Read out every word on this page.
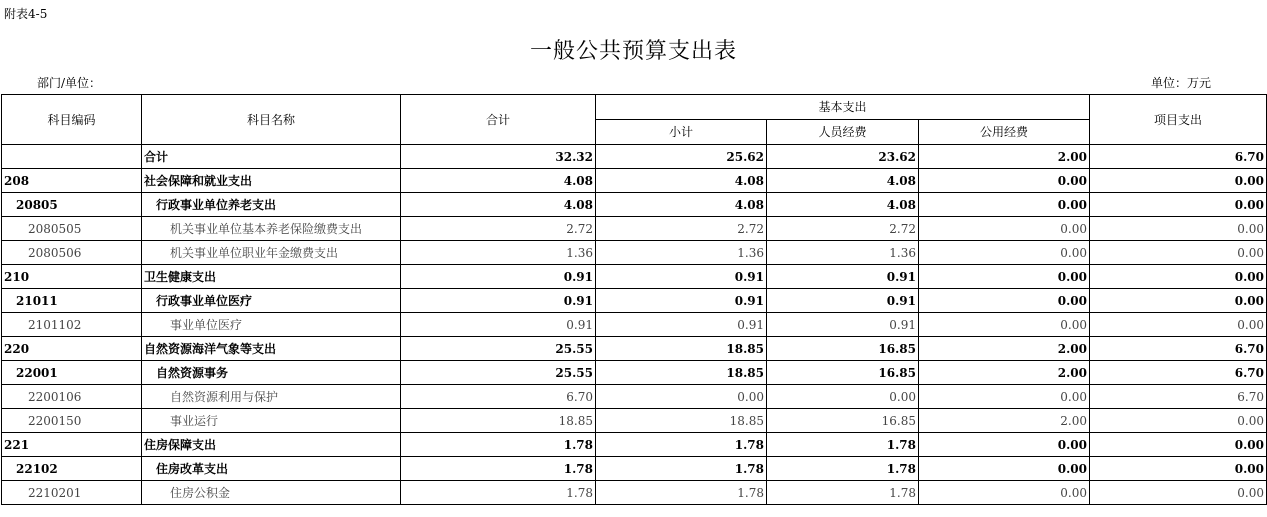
附表4-5
一般公共预算支出表
部门/单位：	单位：万元
科目编码	科目名称	合计	基本支出			项目支出
			小计	人员经费	公用经费	
	合计	32.32	25.62	23.62	2.00	6.70
208	社会保障和就业支出	4.08	4.08	4.08	0.00	0.00
20805	行政事业单位养老支出	4.08	4.08	4.08	0.00	0.00
2080505	机关事业单位基本养老保险缴费支出	2.72	2.72	2.72	0.00	0.00
2080506	机关事业单位职业年金缴费支出	1.36	1.36	1.36	0.00	0.00
210	卫生健康支出	0.91	0.91	0.91	0.00	0.00
21011	行政事业单位医疗	0.91	0.91	0.91	0.00	0.00
2101102	事业单位医疗	0.91	0.91	0.91	0.00	0.00
220	自然资源海洋气象等支出	25.55	18.85	16.85	2.00	6.70
22001	自然资源事务	25.55	18.85	16.85	2.00	6.70
2200106	自然资源利用与保护	6.70	0.00	0.00	0.00	6.70
2200150	事业运行	18.85	18.85	16.85	2.00	0.00
221	住房保障支出	1.78	1.78	1.78	0.00	0.00
22102	住房改革支出	1.78	1.78	1.78	0.00	0.00
2210201	住房公积金	1.78	1.78	1.78	0.00	0.00
